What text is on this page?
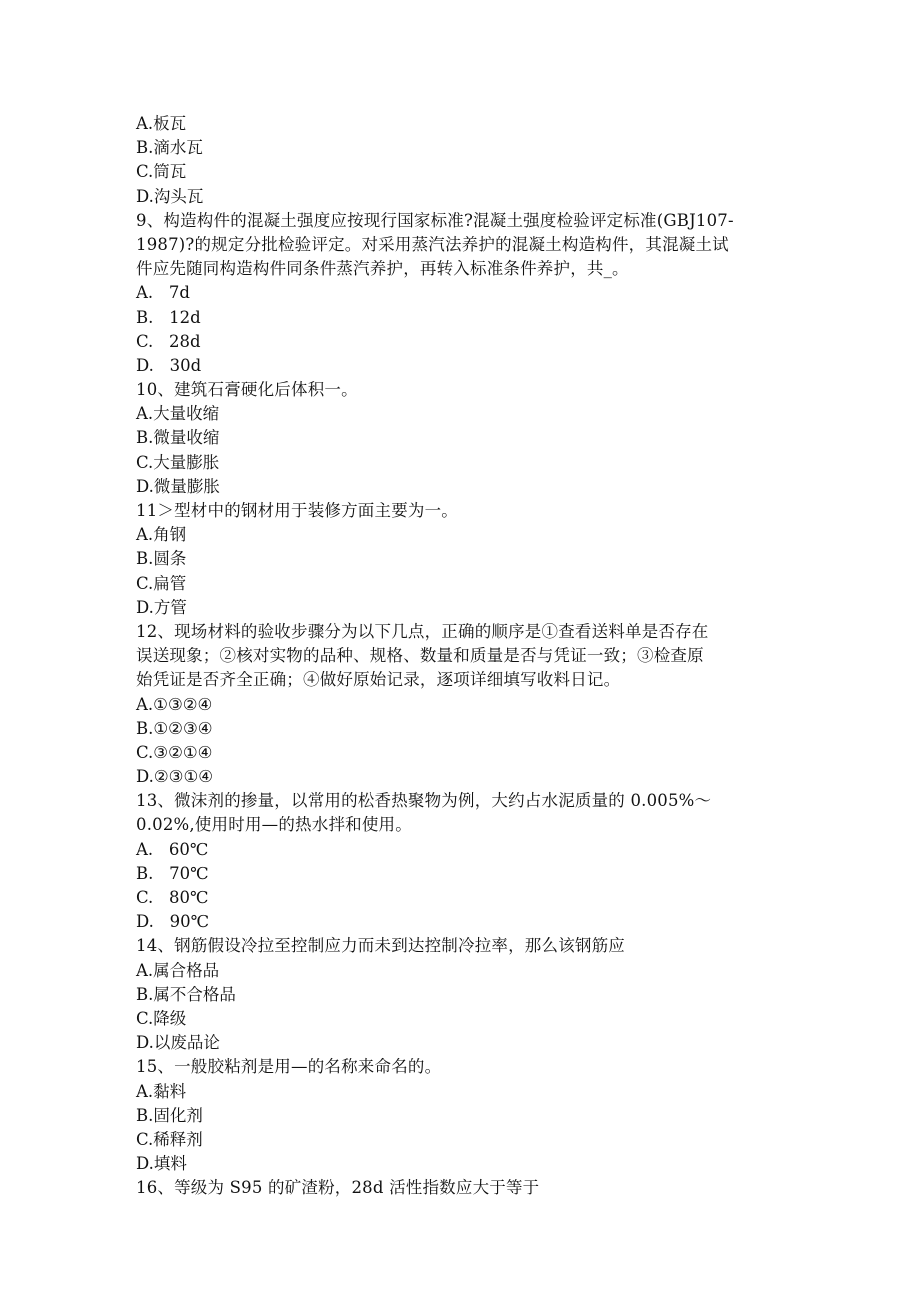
A.板瓦
B.滴水瓦
C.筒瓦
D.沟头瓦
9、构造构件的混凝土强度应按现行国家标准?混凝土强度检验评定标准(GBJ107-
1987)?的规定分批检验评定。对采用蒸汽法养护的混凝土构造构件，其混凝土试
件应先随同构造构件同条件蒸汽养护，再转入标准条件养护，共_。
A.   7d
B.   12d
C.   28d
D.   30d
10、建筑石膏硬化后体积一。
A.大量收缩
B.微量收缩
C.大量膨胀
D.微量膨胀
11＞型材中的钢材用于装修方面主要为一。
A.角钢
B.圆条
C.扁管
D.方管
12、现场材料的验收步骤分为以下几点，正确的顺序是①查看送料单是否存在
误送现象；②核对实物的品种、规格、数量和质量是否与凭证一致；③检查原
始凭证是否齐全正确；④做好原始记录，逐项详细填写收料日记。
A.①③②④
B.①②③④
C.③②①④
D.②③①④
13、微沫剂的掺量，以常用的松香热聚物为例，大约占水泥质量的 0.005%～
0.02%,使用时用—的热水拌和使用。
A.   60℃
B.   70℃
C.   80℃
D.   90℃
14、钢筋假设冷拉至控制应力而未到达控制冷拉率，那么该钢筋应
A.属合格品
B.属不合格品
C.降级
D.以废品论
15、一般胶粘剂是用—的名称来命名的。
A.黏料
B.固化剂
C.稀释剂
D.填料
16、等级为 S95 的矿渣粉，28d 活性指数应大于等于
